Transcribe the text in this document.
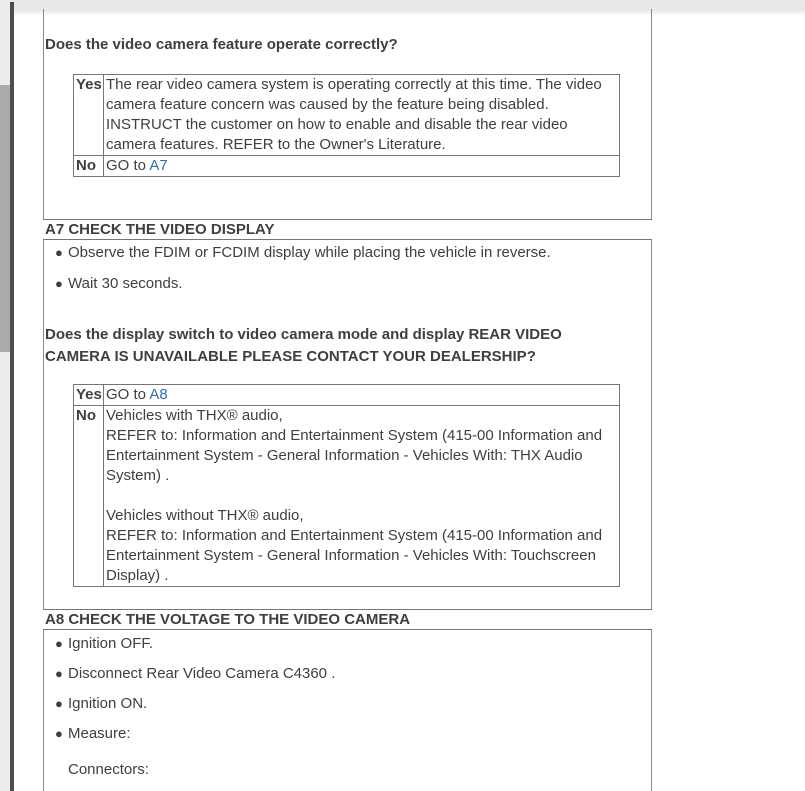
Does the video camera feature operate correctly?
Yes	The rear video camera system is operating correctly at this time. The video camera feature concern was caused by the feature being disabled. INSTRUCT the customer on how to enable and disable the rear video camera features. REFER to the Owner's Literature.
No	GO to A7
A7 CHECK THE VIDEO DISPLAY
● Observe the FDIM or FCDIM display while placing the vehicle in reverse.
● Wait 30 seconds.
Does the display switch to video camera mode and display REAR VIDEO CAMERA IS UNAVAILABLE PLEASE CONTACT YOUR DEALERSHIP?
Yes	GO to A8
No	Vehicles with THX® audio,
REFER to: Information and Entertainment System (415-00 Information and Entertainment System - General Information - Vehicles With: THX Audio System) .
Vehicles without THX® audio,
REFER to: Information and Entertainment System (415-00 Information and Entertainment System - General Information - Vehicles With: Touchscreen Display) .
A8 CHECK THE VOLTAGE TO THE VIDEO CAMERA
● Ignition OFF.
● Disconnect Rear Video Camera C4360 .
● Ignition ON.
● Measure:
Connectors:
